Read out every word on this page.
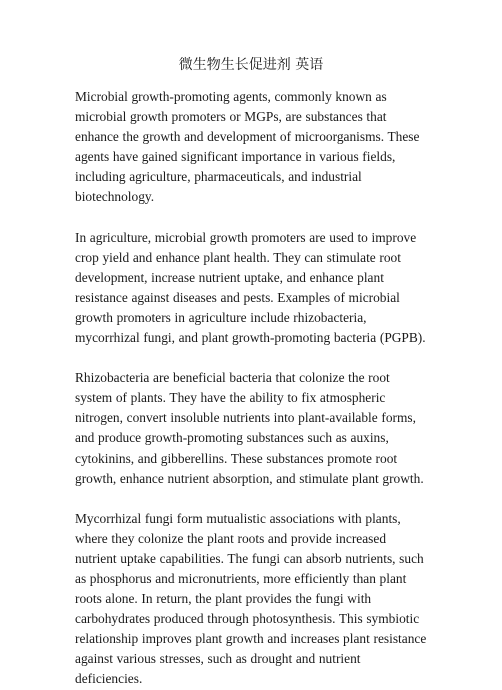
微生物生长促进剂 英语

Microbial growth-promoting agents, commonly known as microbial growth promoters or MGPs, are substances that enhance the growth and development of microorganisms. These agents have gained significant importance in various fields, including agriculture, pharmaceuticals, and industrial biotechnology.

In agriculture, microbial growth promoters are used to improve crop yield and enhance plant health. They can stimulate root development, increase nutrient uptake, and enhance plant resistance against diseases and pests. Examples of microbial growth promoters in agriculture include rhizobacteria, mycorrhizal fungi, and plant growth-promoting bacteria (PGPB).

Rhizobacteria are beneficial bacteria that colonize the root system of plants. They have the ability to fix atmospheric nitrogen, convert insoluble nutrients into plant-available forms, and produce growth-promoting substances such as auxins, cytokinins, and gibberellins. These substances promote root growth, enhance nutrient absorption, and stimulate plant growth.

Mycorrhizal fungi form mutualistic associations with plants, where they colonize the plant roots and provide increased nutrient uptake capabilities. The fungi can absorb nutrients, such as phosphorus and micronutrients, more efficiently than plant roots alone. In return, the plant provides the fungi with carbohydrates produced through photosynthesis. This symbiotic relationship improves plant growth and increases plant resistance against various stresses, such as drought and nutrient deficiencies.
